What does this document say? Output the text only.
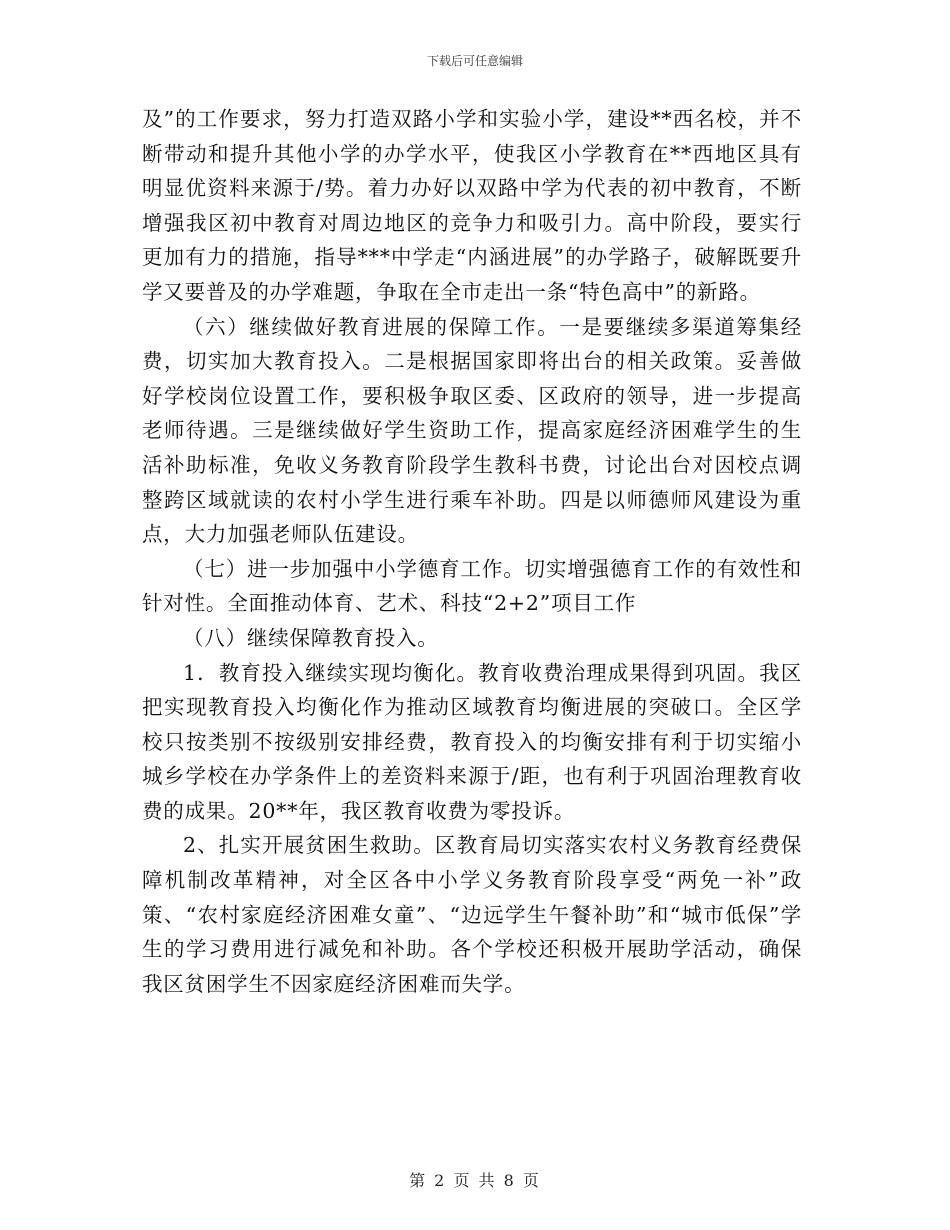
下载后可任意编辑

及”的工作要求，努力打造双路小学和实验小学，建设**西名校，并不断带动和提升其他小学的办学水平，使我区小学教育在**西地区具有明显优资料来源于/势。着力办好以双路中学为代表的初中教育，不断增强我区初中教育对周边地区的竞争力和吸引力。高中阶段，要实行更加有力的措施，指导***中学走“内涵进展”的办学路子，破解既要升学又要普及的办学难题，争取在全市走出一条“特色高中”的新路。

（六）继续做好教育进展的保障工作。一是要继续多渠道筹集经费，切实加大教育投入。二是根据国家即将出台的相关政策。妥善做好学校岗位设置工作，要积极争取区委、区政府的领导，进一步提高老师待遇。三是继续做好学生资助工作，提高家庭经济困难学生的生活补助标准，免收义务教育阶段学生教科书费，讨论出台对因校点调整跨区域就读的农村小学生进行乘车补助。四是以师德师风建设为重点，大力加强老师队伍建设。

（七）进一步加强中小学德育工作。切实增强德育工作的有效性和针对性。全面推动体育、艺术、科技“2+2”项目工作

（八）继续保障教育投入。

1．教育投入继续实现均衡化。教育收费治理成果得到巩固。我区把实现教育投入均衡化作为推动区域教育均衡进展的突破口。全区学校只按类别不按级别安排经费，教育投入的均衡安排有利于切实缩小城乡学校在办学条件上的差资料来源于/距，也有利于巩固治理教育收费的成果。20**年，我区教育收费为零投诉。

2、扎实开展贫困生救助。区教育局切实落实农村义务教育经费保障机制改革精神，对全区各中小学义务教育阶段享受“两免一补”政策、“农村家庭经济困难女童”、“边远学生午餐补助”和“城市低保”学生的学习费用进行减免和补助。各个学校还积极开展助学活动，确保我区贫困学生不因家庭经济困难而失学。

第 2 页 共 8 页
